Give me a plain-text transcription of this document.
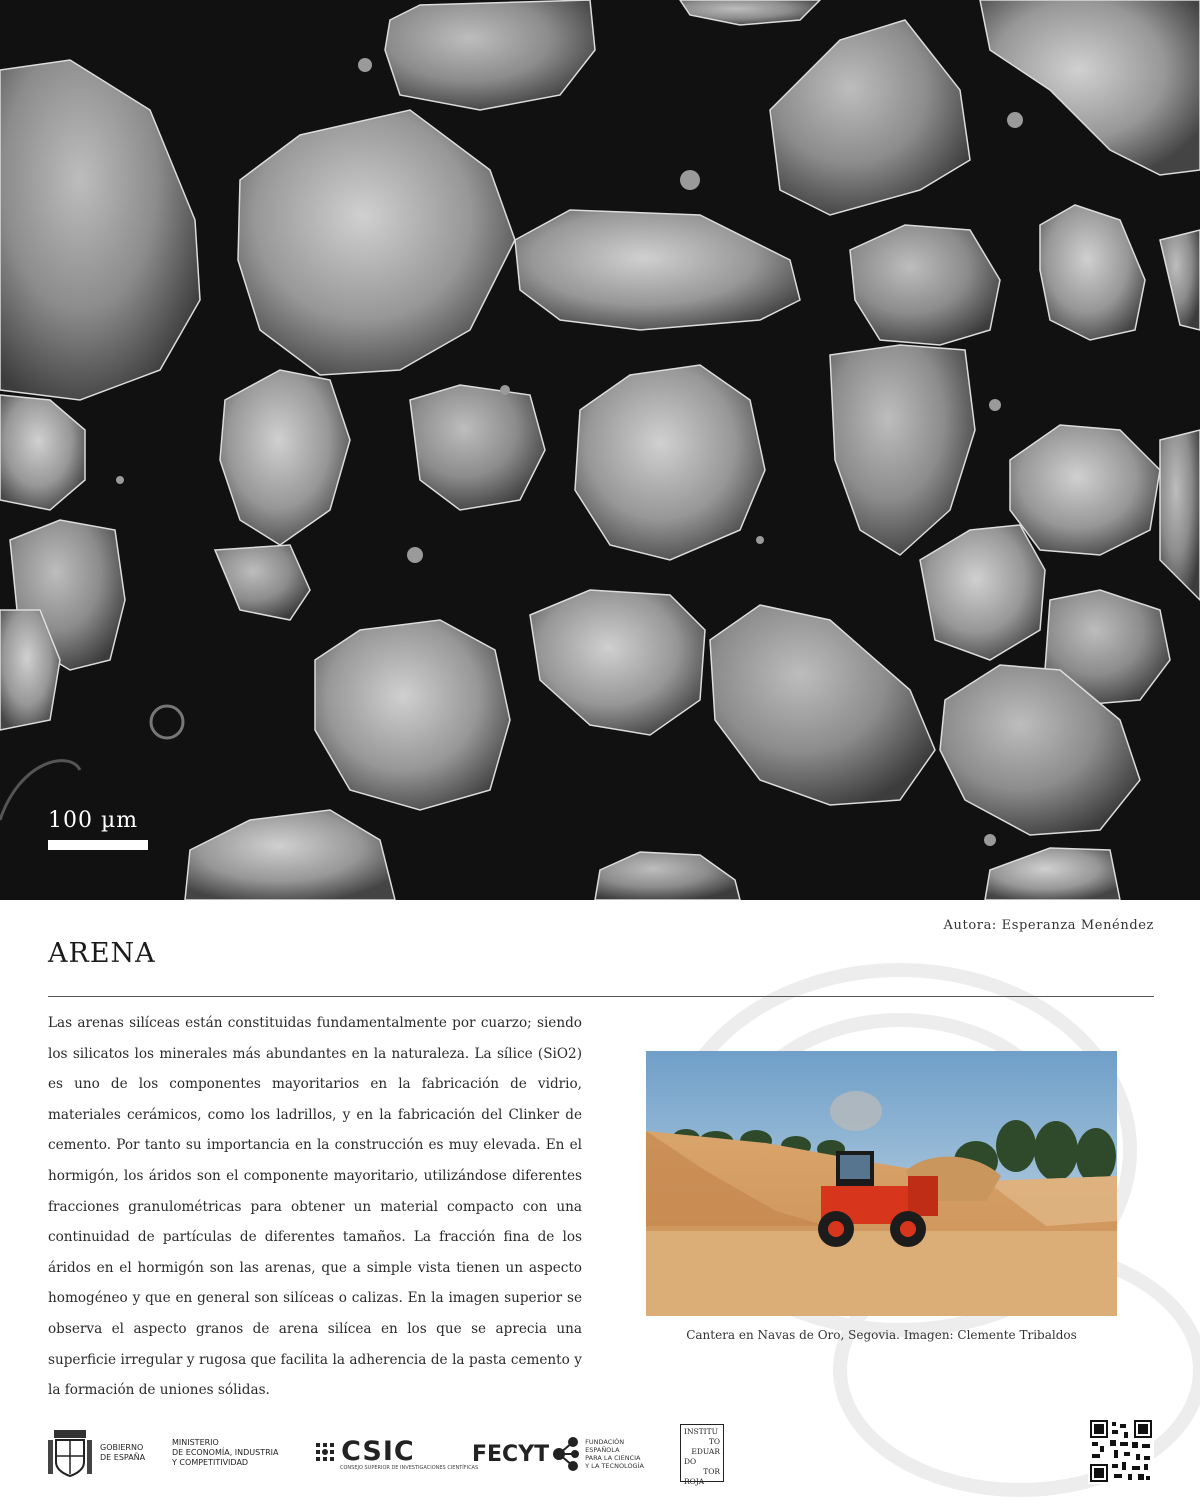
100 µm
Autora: Esperanza Menéndez
ARENA

Las arenas silíceas están constituidas fundamentalmente por cuarzo; siendo los silicatos los minerales más abundantes en la naturaleza. La sílice (SiO2) es uno de los componentes mayoritarios en la fabricación de vidrio, materiales cerámicos, como los ladrillos, y en la fabricación del Clinker de cemento. Por tanto su importancia en la construcción es muy elevada. En el hormigón, los áridos son el componente mayoritario, utilizándose diferentes fracciones granulométricas para obtener un material compacto con una continuidad de partículas de diferentes tamaños. La fracción fina de los áridos en el hormigón son las arenas, que a simple vista tienen un aspecto homogéneo y que en general son silíceas o calizas. En la imagen superior se observa el aspecto granos de arena silícea en los que se aprecia una superficie irregular y rugosa que facilita la adherencia de la pasta cemento y la formación de uniones sólidas.

Cantera en Navas de Oro, Segovia. Imagen: Clemente Tribaldos
GOBIERNO
DE ESPAÑA
MINISTERIO
DE ECONOMÍA, INDUSTRIA
Y COMPETITIVIDAD	CSIC
CONSEJO SUPERIOR DE INVESTIGACIONES CIENTÍFICAS
FECYT	FUNDACIÓN ESPAÑOLA
PARA LA CIENCIA
Y LA TECNOLOGÍA
INSTITU
TO
EDUAR
DO
TOR
ROJA
